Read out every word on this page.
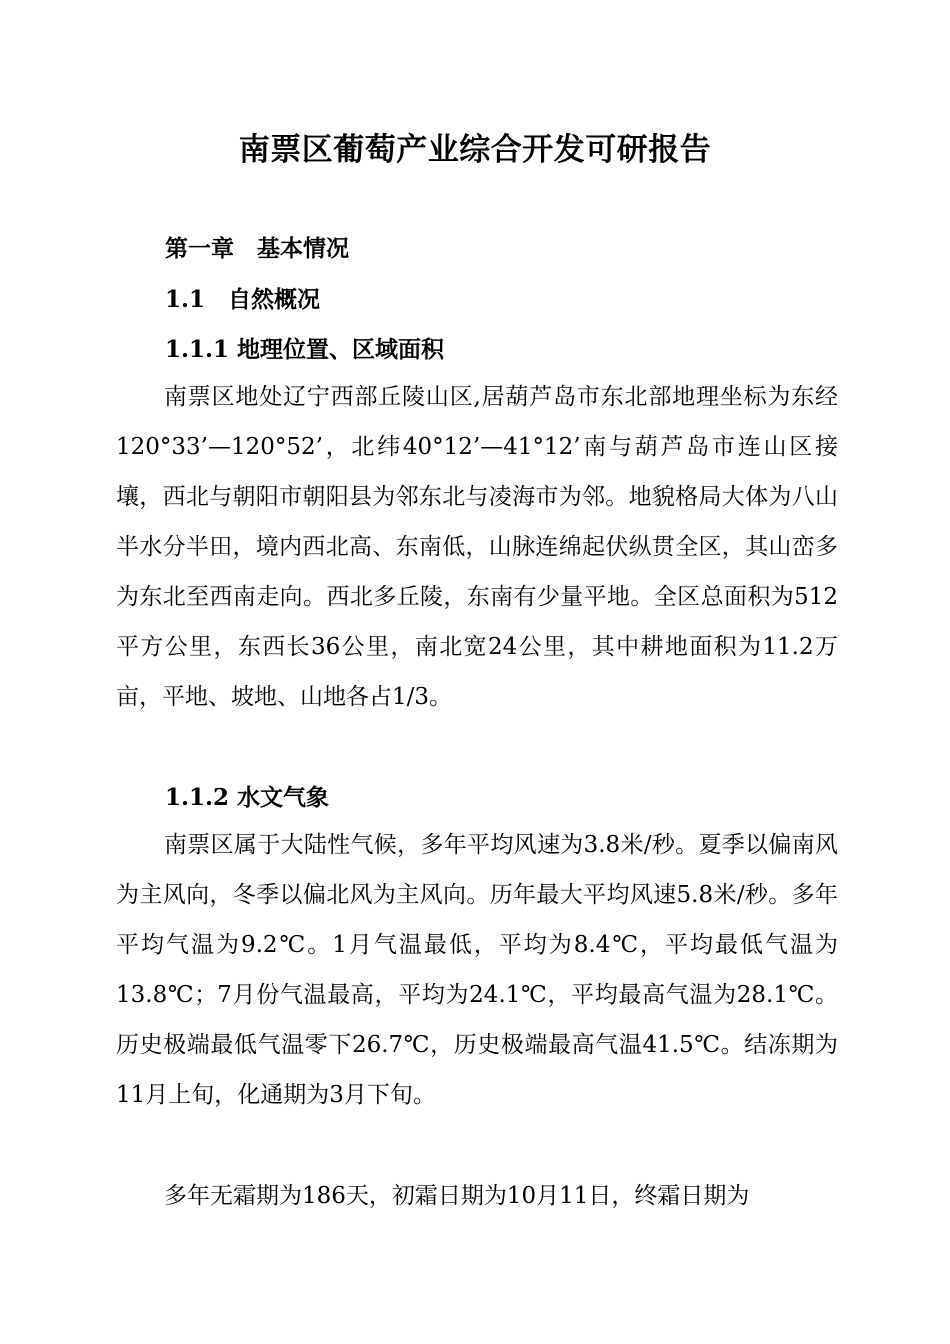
南票区葡萄产业综合开发可研报告
第一章　基本情况
1.1　自然概况
1.1.1 地理位置、区域面积

南票区地处辽宁西部丘陵山区,居葫芦岛市东北部地理坐标为东经120°33’—120°52’，北纬40°12’—41°12’南与葫芦岛市连山区接壤，西北与朝阳市朝阳县为邻东北与凌海市为邻。地貌格局大体为八山半水分半田，境内西北高、东南低，山脉连绵起伏纵贯全区，其山峦多为东北至西南走向。西北多丘陵，东南有少量平地。全区总面积为512平方公里，东西长36公里，南北宽24公里，其中耕地面积为11.2万亩，平地、坡地、山地各占1/3。

1.1.2 水文气象

南票区属于大陆性气候，多年平均风速为3.8米/秒。夏季以偏南风为主风向，冬季以偏北风为主风向。历年最大平均风速5.8米/秒。多年平均气温为9.2℃。1月气温最低，平均为8.4℃，平均最低气温为13.8℃；7月份气温最高，平均为24.1℃，平均最高气温为28.1℃。历史极端最低气温零下26.7℃，历史极端最高气温41.5℃。结冻期为11月上旬，化通期为3月下旬。

多年无霜期为186天，初霜日期为10月11日，终霜日期为
